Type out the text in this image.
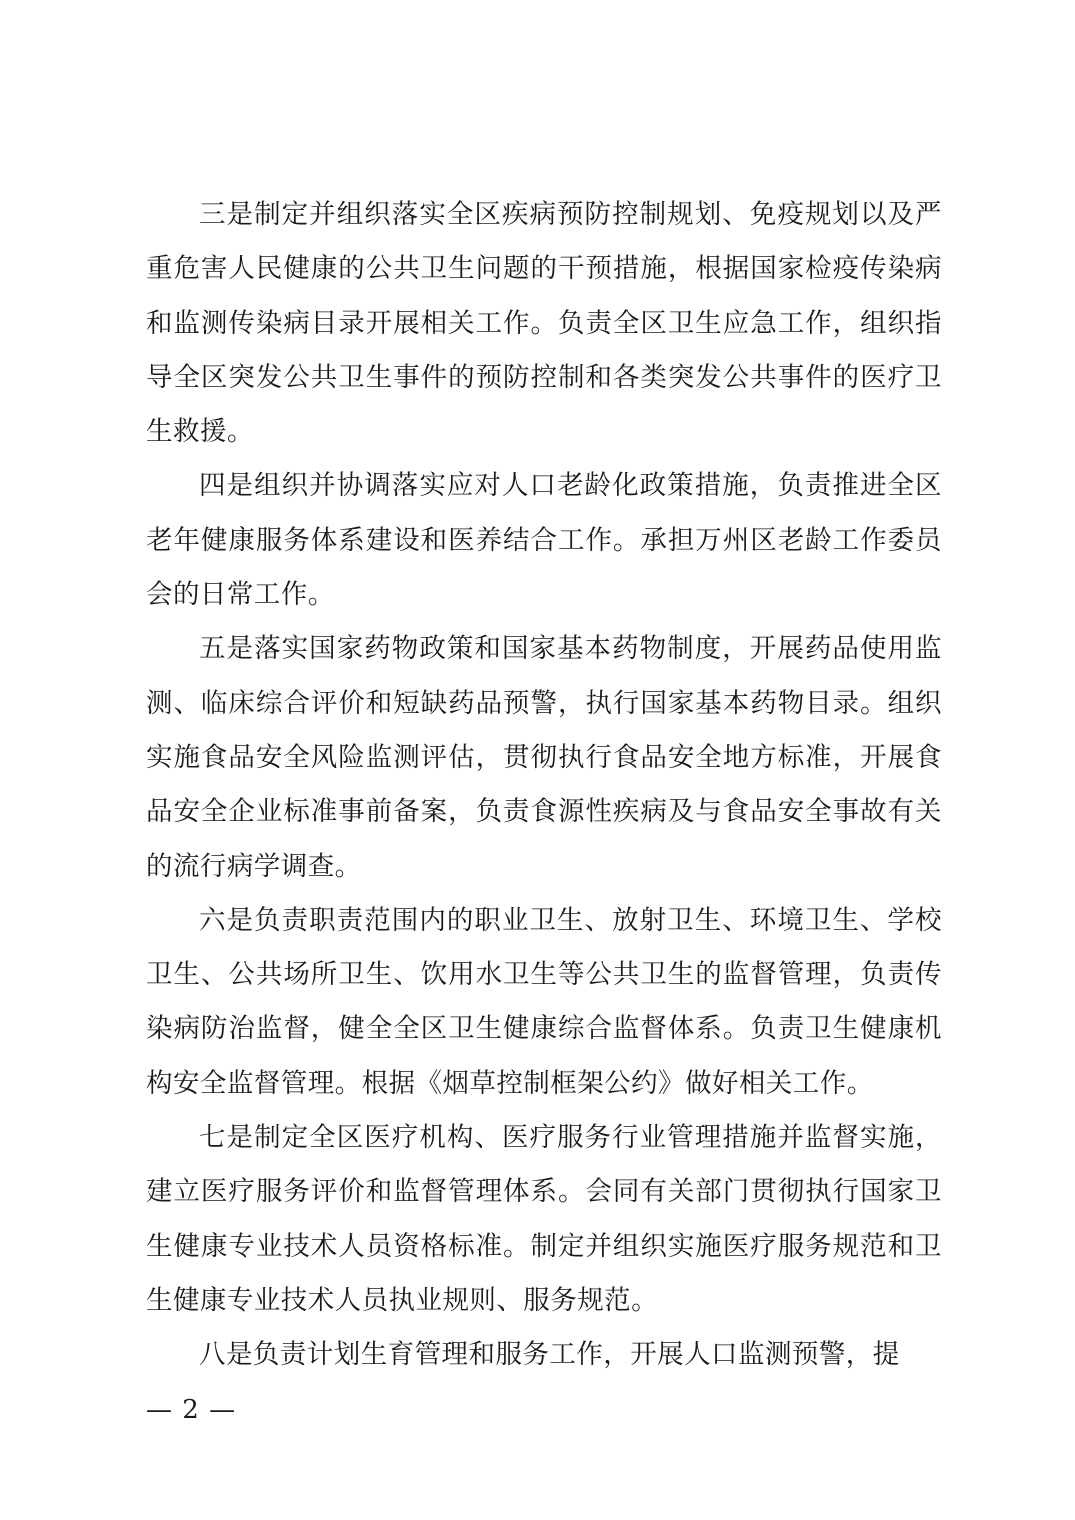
三是制定并组织落实全区疾病预防控制规划、免疫规划以及严重危害人民健康的公共卫生问题的干预措施，根据国家检疫传染病和监测传染病目录开展相关工作。负责全区卫生应急工作，组织指导全区突发公共卫生事件的预防控制和各类突发公共事件的医疗卫生救援。

四是组织并协调落实应对人口老龄化政策措施，负责推进全区老年健康服务体系建设和医养结合工作。承担万州区老龄工作委员会的日常工作。

五是落实国家药物政策和国家基本药物制度，开展药品使用监测、临床综合评价和短缺药品预警，执行国家基本药物目录。组织实施食品安全风险监测评估，贯彻执行食品安全地方标准，开展食品安全企业标准事前备案，负责食源性疾病及与食品安全事故有关的流行病学调查。

六是负责职责范围内的职业卫生、放射卫生、环境卫生、学校卫生、公共场所卫生、饮用水卫生等公共卫生的监督管理，负责传染病防治监督，健全全区卫生健康综合监督体系。负责卫生健康机构安全监督管理。根据《烟草控制框架公约》做好相关工作。

七是制定全区医疗机构、医疗服务行业管理措施并监督实施，建立医疗服务评价和监督管理体系。会同有关部门贯彻执行国家卫生健康专业技术人员资格标准。制定并组织实施医疗服务规范和卫生健康专业技术人员执业规则、服务规范。

八是负责计划生育管理和服务工作，开展人口监测预警，提

— 2 —
